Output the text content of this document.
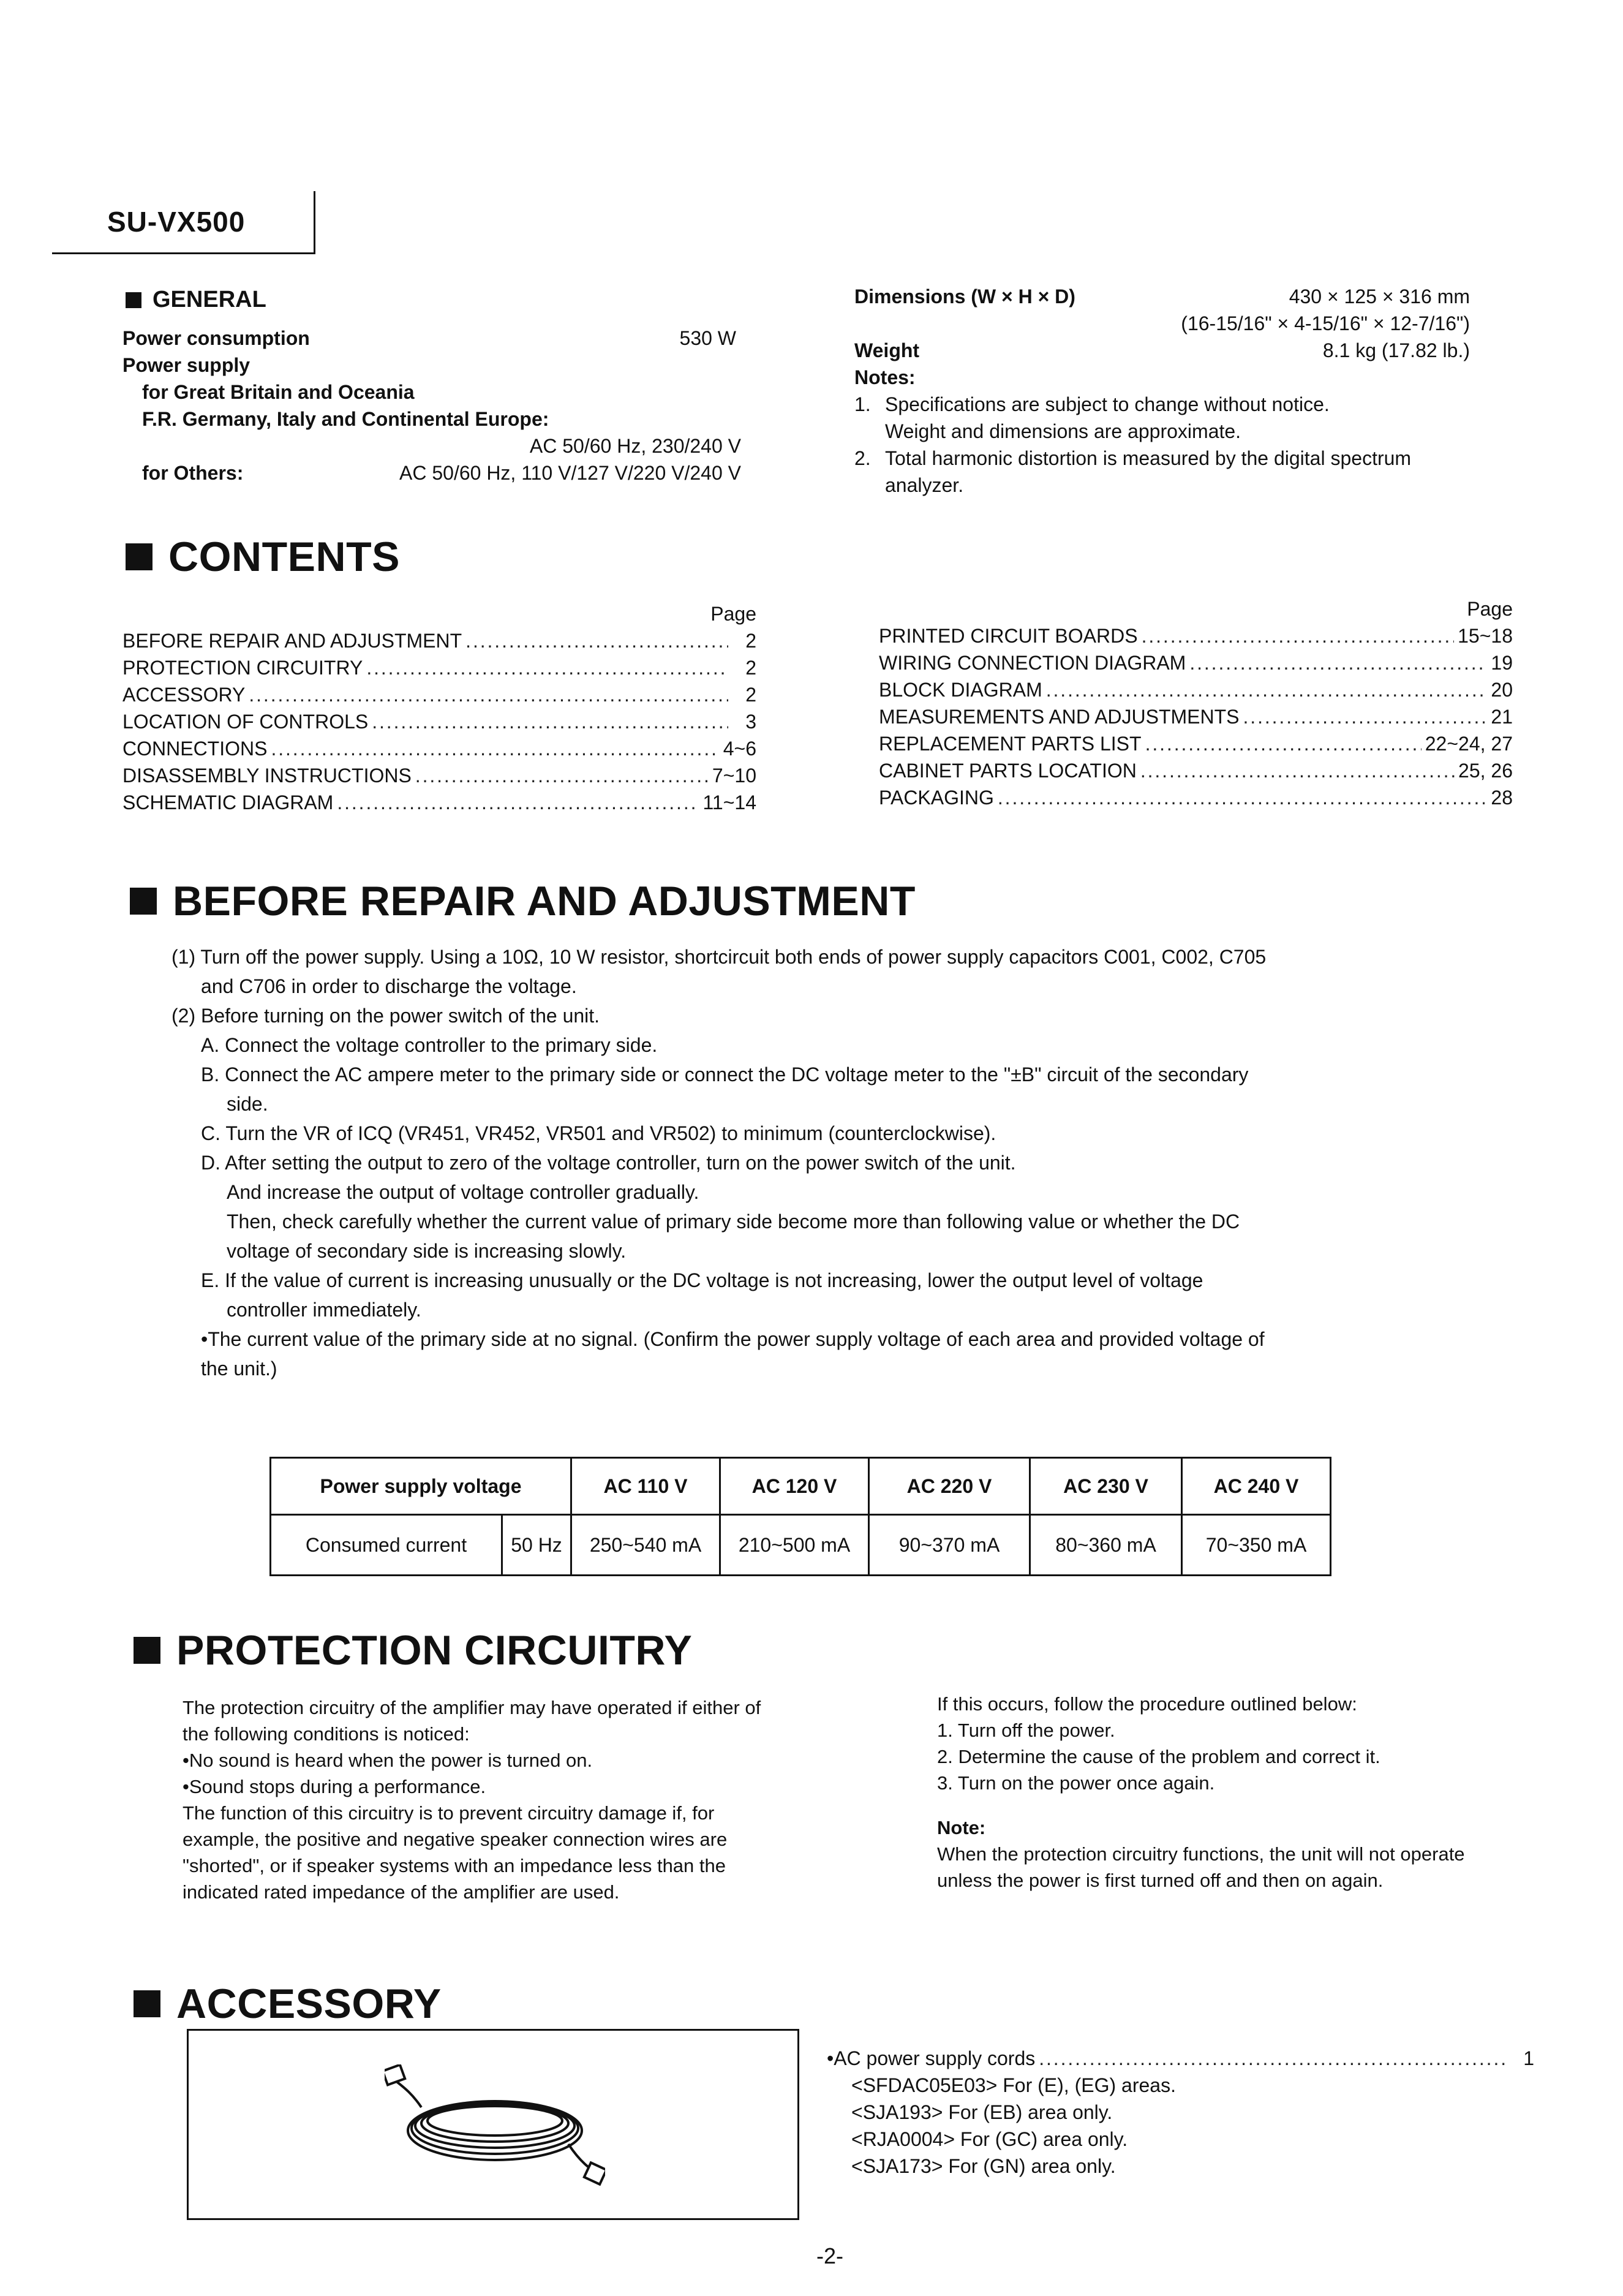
SU-VX500
GENERAL
Power consumption	530 W
Power supply
for Great Britain and Oceania
F.R. Germany, Italy and Continental Europe:
AC 50/60 Hz, 230/240 V
for Others:	AC 50/60 Hz, 110 V/127 V/220 V/240 V
Dimensions (W × H × D)	430 × 125 × 316 mm
(16-15/16" × 4-15/16" × 12-7/16")
Weight	8.1 kg (17.82 lb.)
Notes:
1. Specifications are subject to change without notice.
Weight and dimensions are approximate.
2. Total harmonic distortion is measured by the digital spectrum
analyzer.
CONTENTS
Page
BEFORE REPAIR AND ADJUSTMENT . . .	2
PROTECTION CIRCUITRY . . .	2
ACCESSORY . . .	2
LOCATION OF CONTROLS . . .	3
CONNECTIONS . . .	4~6
DISASSEMBLY INSTRUCTIONS . . .	7~10
SCHEMATIC DIAGRAM . . .	11~14
Page
PRINTED CIRCUIT BOARDS . . .	15~18
WIRING CONNECTION DIAGRAM . . .	19
BLOCK DIAGRAM . . .	20
MEASUREMENTS AND ADJUSTMENTS . . .	21
REPLACEMENT PARTS LIST . . .	22~24, 27
CABINET PARTS LOCATION . . .	25, 26
PACKAGING . . .	28
BEFORE REPAIR AND ADJUSTMENT
(1) Turn off the power supply. Using a 10Ω, 10 W resistor, shortcircuit both ends of power supply capacitors C001, C002, C705
and C706 in order to discharge the voltage.
(2) Before turning on the power switch of the unit.
A. Connect the voltage controller to the primary side.
B. Connect the AC ampere meter to the primary side or connect the DC voltage meter to the "±B" circuit of the secondary
side.
C. Turn the VR of ICQ (VR451, VR452, VR501 and VR502) to minimum (counterclockwise).
D. After setting the output to zero of the voltage controller, turn on the power switch of the unit.
And increase the output of voltage controller gradually.
Then, check carefully whether the current value of primary side become more than following value or whether the DC
voltage of secondary side is increasing slowly.
E. If the value of current is increasing unusually or the DC voltage is not increasing, lower the output level of voltage
controller immediately.
•The current value of the primary side at no signal. (Confirm the power supply voltage of each area and provided voltage of
the unit.)
Power supply voltage		AC 110 V	AC 120 V	AC 220 V	AC 230 V	AC 240 V
Consumed current	50 Hz	250~540 mA	210~500 mA	90~370 mA	80~360 mA	70~350 mA
PROTECTION CIRCUITRY
The protection circuitry of the amplifier may have operated if either of
the following conditions is noticed:
•No sound is heard when the power is turned on.
•Sound stops during a performance.
The function of this circuitry is to prevent circuitry damage if, for
example, the positive and negative speaker connection wires are
"shorted", or if speaker systems with an impedance less than the
indicated rated impedance of the amplifier are used.
If this occurs, follow the procedure outlined below:
1. Turn off the power.
2. Determine the cause of the problem and correct it.
3. Turn on the power once again.
Note:
When the protection circuitry functions, the unit will not operate
unless the power is first turned off and then on again.
ACCESSORY
•AC power supply cords . . .	1
<SFDAC05E03> For (E), (EG) areas.
<SJA193> For (EB) area only.
<RJA0004> For (GC) area only.
<SJA173> For (GN) area only.
-2-
